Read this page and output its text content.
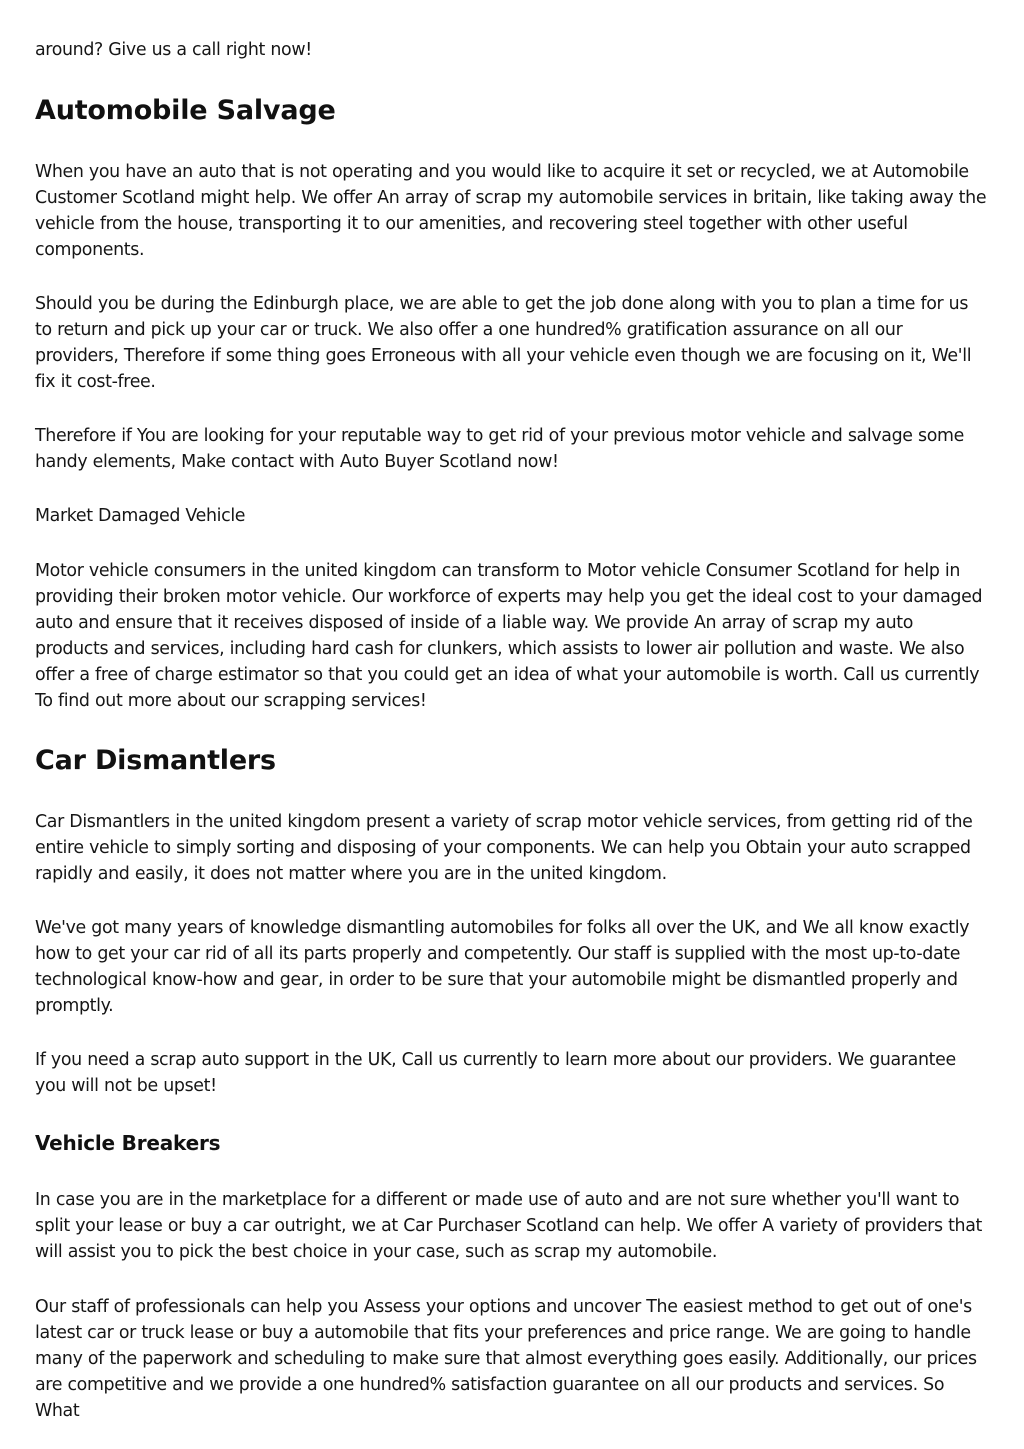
around? Give us a call right now!

Automobile Salvage

When you have an auto that is not operating and you would like to acquire it set or recycled, we at Automobile Customer Scotland might help. We offer An array of scrap my automobile services in britain, like taking away the vehicle from the house, transporting it to our amenities, and recovering steel together with other useful components.

Should you be during the Edinburgh place, we are able to get the job done along with you to plan a time for us to return and pick up your car or truck. We also offer a one hundred% gratification assurance on all our providers, Therefore if some thing goes Erroneous with all your vehicle even though we are focusing on it, We'll fix it cost-free.

Therefore if You are looking for your reputable way to get rid of your previous motor vehicle and salvage some handy elements, Make contact with Auto Buyer Scotland now!

Market Damaged Vehicle

Motor vehicle consumers in the united kingdom can transform to Motor vehicle Consumer Scotland for help in providing their broken motor vehicle. Our workforce of experts may help you get the ideal cost to your damaged auto and ensure that it receives disposed of inside of a liable way. We provide An array of scrap my auto products and services, including hard cash for clunkers, which assists to lower air pollution and waste. We also offer a free of charge estimator so that you could get an idea of what your automobile is worth. Call us currently To find out more about our scrapping services!

Car Dismantlers

Car Dismantlers in the united kingdom present a variety of scrap motor vehicle services, from getting rid of the entire vehicle to simply sorting and disposing of your components. We can help you Obtain your auto scrapped rapidly and easily, it does not matter where you are in the united kingdom.

We've got many years of knowledge dismantling automobiles for folks all over the UK, and We all know exactly how to get your car rid of all its parts properly and competently. Our staff is supplied with the most up-to-date technological know-how and gear, in order to be sure that your automobile might be dismantled properly and promptly.

If you need a scrap auto support in the UK, Call us currently to learn more about our providers. We guarantee you will not be upset!

Vehicle Breakers

In case you are in the marketplace for a different or made use of auto and are not sure whether you'll want to split your lease or buy a car outright, we at Car Purchaser Scotland can help. We offer A variety of providers that will assist you to pick the best choice in your case, such as scrap my automobile.

Our staff of professionals can help you Assess your options and uncover The easiest method to get out of one's latest car or truck lease or buy a automobile that fits your preferences and price range. We are going to handle many of the paperwork and scheduling to make sure that almost everything goes easily. Additionally, our prices are competitive and we provide a one hundred% satisfaction guarantee on all our products and services. So What
